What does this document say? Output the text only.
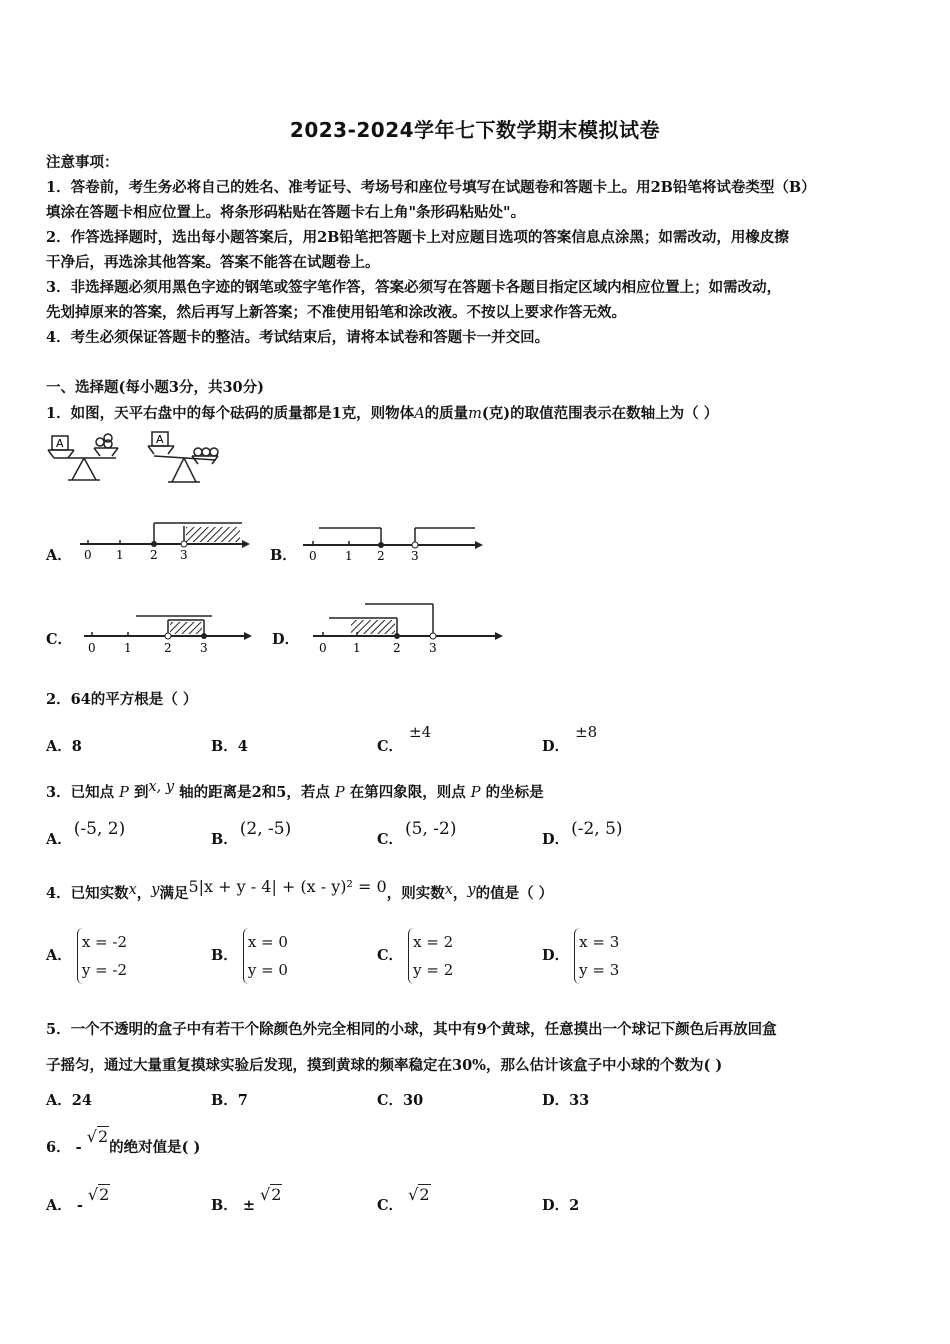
2023-2024学年七下数学期末模拟试卷
注意事项：
1．答卷前，考生务必将自己的姓名、准考证号、考场号和座位号填写在试题卷和答题卡上。用2B铅笔将试卷类型（B）
填涂在答题卡相应位置上。将条形码粘贴在答题卡右上角"条形码粘贴处"。
2．作答选择题时，选出每小题答案后，用2B铅笔把答题卡上对应题目选项的答案信息点涂黑；如需改动，用橡皮擦
干净后，再选涂其他答案。答案不能答在试题卷上。
3．非选择题必须用黑色字迹的钢笔或签字笔作答，答案必须写在答题卡各题目指定区域内相应位置上；如需改动，
先划掉原来的答案，然后再写上新答案；不准使用铅笔和涂改液。不按以上要求作答无效。
4．考生必须保证答题卡的整洁。考试结束后，请将本试卷和答题卡一并交回。
一、选择题(每小题3分，共30分)
1．如图，天平右盘中的每个砝码的质量都是1克，则物体A的质量m(克)的取值范围表示在数轴上为（ ）
A	A
A． 0 1 2 3	B． 0 1 2 3
C． 0 1	2 3	D． 0 1	2 3
2．64的平方根是（ ）
A．8	B．4	C．±4
D．±8
3．已知点 P 到x, y 轴的距离是2和5，若点 P 在第四象限，则点 P 的坐标是
A．(-5, 2)
B．(2, -5)
C．(5, -2)
D．(-2, 5)
4．已知实数x，y满足5|x + y - 4| + (x - y)² = 0，则实数x，y的值是（ ）
A．
x = -2
y = -2
B．
x = 0
y = 0
C．
x = 2
y = 2
D．
x = 3
y = 3
5．一个不透明的盒子中有若干个除颜色外完全相同的小球，其中有9个黄球，任意摸出一个球记下颜色后再放回盒
子摇匀，通过大量重复摸球实验后发现，摸到黄球的频率稳定在30%，那么估计该盒子中小球的个数为( )
A．24	B．7	C．30	D．33
6． - √2的绝对值是( )
A． - √2
B． ± √2
C． √2
D．2
